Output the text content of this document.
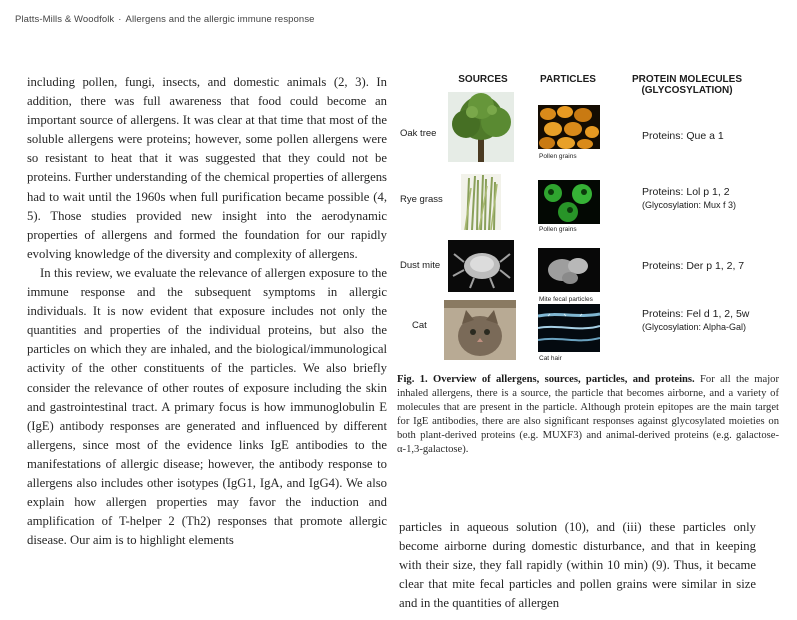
Platts-Mills & Woodfolk · Allergens and the allergic immune response

including pollen, fungi, insects, and domestic animals (2, 3). In addition, there was full awareness that food could become an important source of allergens. It was clear at that time that most of the soluble allergens were proteins; however, some pollen allergens were so resistant to heat that it was suggested that they could not be proteins. Further understanding of the chemical properties of allergens had to wait until the 1960s when full purification became possible (4, 5). Those studies provided new insight into the aerodynamic properties of allergens and formed the foundation for our rapidly evolving knowledge of the diversity and complexity of allergens.

In this review, we evaluate the relevance of allergen exposure to the immune response and the subsequent symptoms in allergic individuals. It is now evident that exposure includes not only the quantities and properties of the individual proteins, but also the particles on which they are inhaled, and the biological/immunological activity of the other constituents of the particles. We also briefly consider the relevance of other routes of exposure including the skin and gastrointestinal tract. A primary focus is how immunoglobulin E (IgE) antibody responses are generated and influenced by different allergens, since most of the evidence links IgE antibodies to the manifestations of allergic disease; however, the antibody response to allergens also includes other isotypes (IgG1, IgA, and IgG4). We also explain how allergen properties may favor the induction and amplification of T-helper 2 (Th2) responses that promote allergic disease. Our aim is to highlight elements

SOURCES	PARTICLES	PROTEIN MOLECULES
(GLYCOSYLATION)
Oak tree
Pollen grains
Proteins: Que a 1
Rye grass
Pollen grains
Proteins: Lol p 1, 2
(Glycosylation: Mux f 3)
Dust mite
Mite fecal particles
Proteins: Der p 1, 2, 7
Cat
Cat hair
Proteins: Fel d 1, 2, 5w
(Glycosylation: Alpha-Gal)
Fig. 1. Overview of allergens, sources, particles, and proteins. For all the major inhaled allergens, there is a source, the particle that becomes airborne, and a variety of molecules that are present in the particle. Although protein epitopes are the main target for IgE antibodies, there are also significant responses against glycosylated moieties on both plant-derived proteins (e.g. MUXF3) and animal-derived proteins (e.g. galactose-α-1,3-galactose).

particles in aqueous solution (10), and (iii) these particles only become airborne during domestic disturbance, and that in keeping with their size, they fall rapidly (within 10 min) (9). Thus, it became clear that mite fecal particles and pollen grains were similar in size and in the quantities of allergen
